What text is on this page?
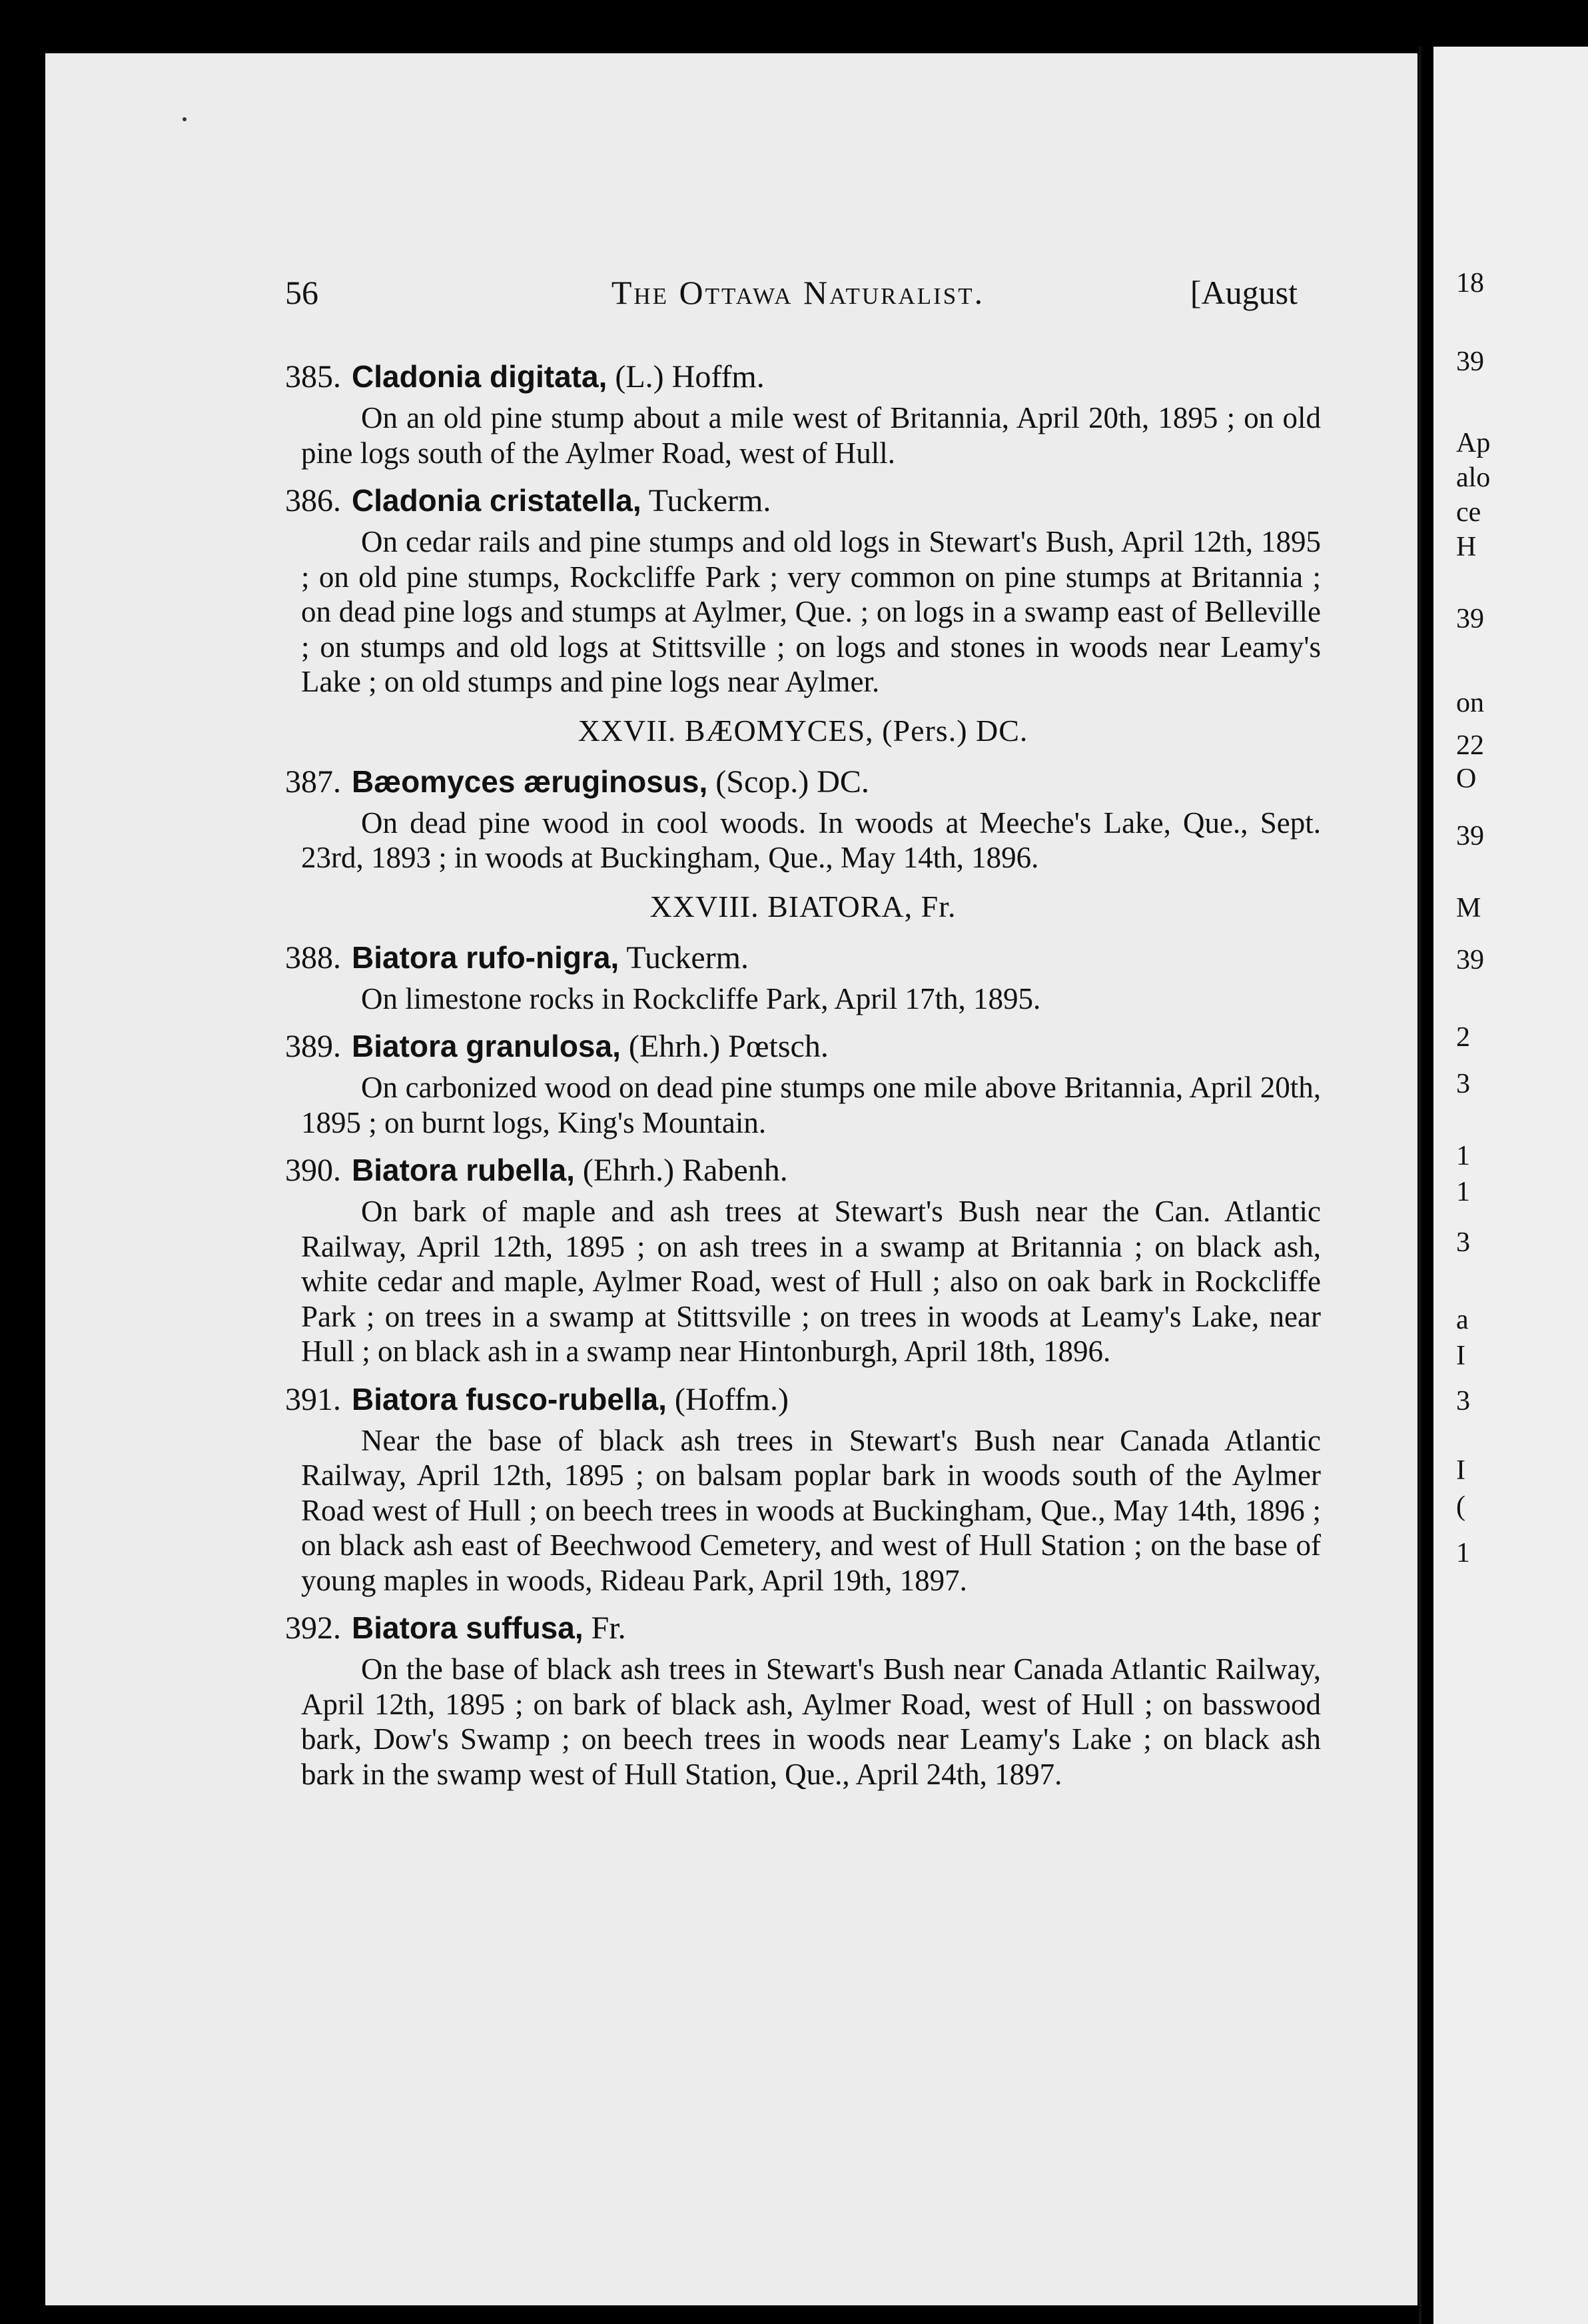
18
39
Ap
alo
ce
H
39
on
22
O
39
M
39
2
3
1
1
3
a
I
3
I
(
1
56	The Ottawa Naturalist.	[August
385. Cladonia digitata, (L.) Hoffm.

On an old pine stump about a mile west of Britannia, April 20th, 1895 ; on old pine logs south of the Aylmer Road, west of Hull.

386. Cladonia cristatella, Tuckerm.

On cedar rails and pine stumps and old logs in Stewart's Bush, April 12th, 1895 ; on old pine stumps, Rockcliffe Park ; very common on pine stumps at Britannia ; on dead pine logs and stumps at Aylmer, Que. ; on logs in a swamp east of Belleville ; on stumps and old logs at Stittsville ; on logs and stones in woods near Leamy's Lake ; on old stumps and pine logs near Aylmer.

XXVII. BÆOMYCES, (Pers.) DC.
387. Bæomyces æruginosus, (Scop.) DC.

On dead pine wood in cool woods. In woods at Meeche's Lake, Que., Sept. 23rd, 1893 ; in woods at Buckingham, Que., May 14th, 1896.

XXVIII. BIATORA, Fr.
388. Biatora rufo-nigra, Tuckerm.

On limestone rocks in Rockcliffe Park, April 17th, 1895.

389. Biatora granulosa, (Ehrh.) Pœtsch.

On carbonized wood on dead pine stumps one mile above Britannia, April 20th, 1895 ; on burnt logs, King's Mountain.

390. Biatora rubella, (Ehrh.) Rabenh.

On bark of maple and ash trees at Stewart's Bush near the Can. Atlantic Railway, April 12th, 1895 ; on ash trees in a swamp at Britannia ; on black ash, white cedar and maple, Aylmer Road, west of Hull ; also on oak bark in Rockcliffe Park ; on trees in a swamp at Stittsville ; on trees in woods at Leamy's Lake, near Hull ; on black ash in a swamp near Hintonburgh, April 18th, 1896.

391. Biatora fusco-rubella, (Hoffm.)

Near the base of black ash trees in Stewart's Bush near Canada Atlantic Railway, April 12th, 1895 ; on balsam poplar bark in woods south of the Aylmer Road west of Hull ; on beech trees in woods at Buckingham, Que., May 14th, 1896 ; on black ash east of Beechwood Cemetery, and west of Hull Station ; on the base of young maples in woods, Rideau Park, April 19th, 1897.

392. Biatora suffusa, Fr.

On the base of black ash trees in Stewart's Bush near Canada Atlantic Railway, April 12th, 1895 ; on bark of black ash, Aylmer Road, west of Hull ; on basswood bark, Dow's Swamp ; on beech trees in woods near Leamy's Lake ; on black ash bark in the swamp west of Hull Station, Que., April 24th, 1897.
